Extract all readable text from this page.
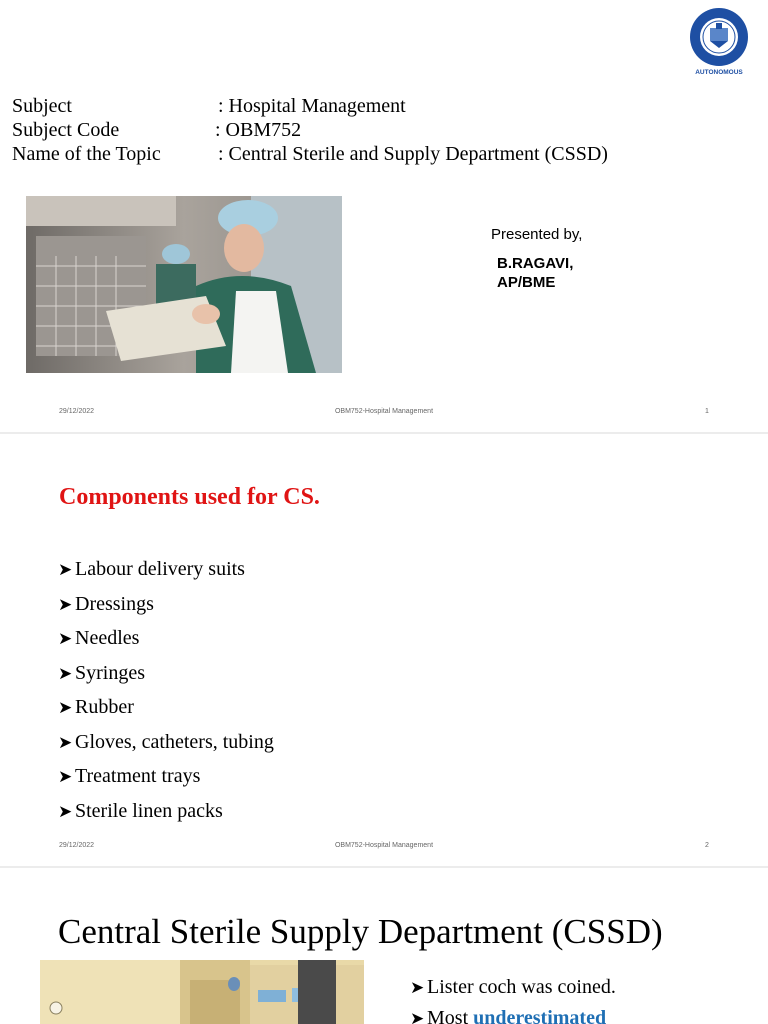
AUTONOMOUS
Subject	: Hospital Management
Subject Code	: OBM752
Name of the Topic	: Central Sterile and Supply Department (CSSD)
Presented by,
B.RAGAVI,
AP/BME
29/12/2022	OBM752-Hospital Management	1
Components used for CS.
➤ Labour delivery suits
➤ Dressings
➤ Needles
➤ Syringes
➤ Rubber
➤ Gloves, catheters, tubing
➤ Treatment trays
➤ Sterile linen packs
29/12/2022	OBM752-Hospital Management	2
Central Sterile Supply Department (CSSD)
➤ Lister coch was coined.
➤ Most underestimated
